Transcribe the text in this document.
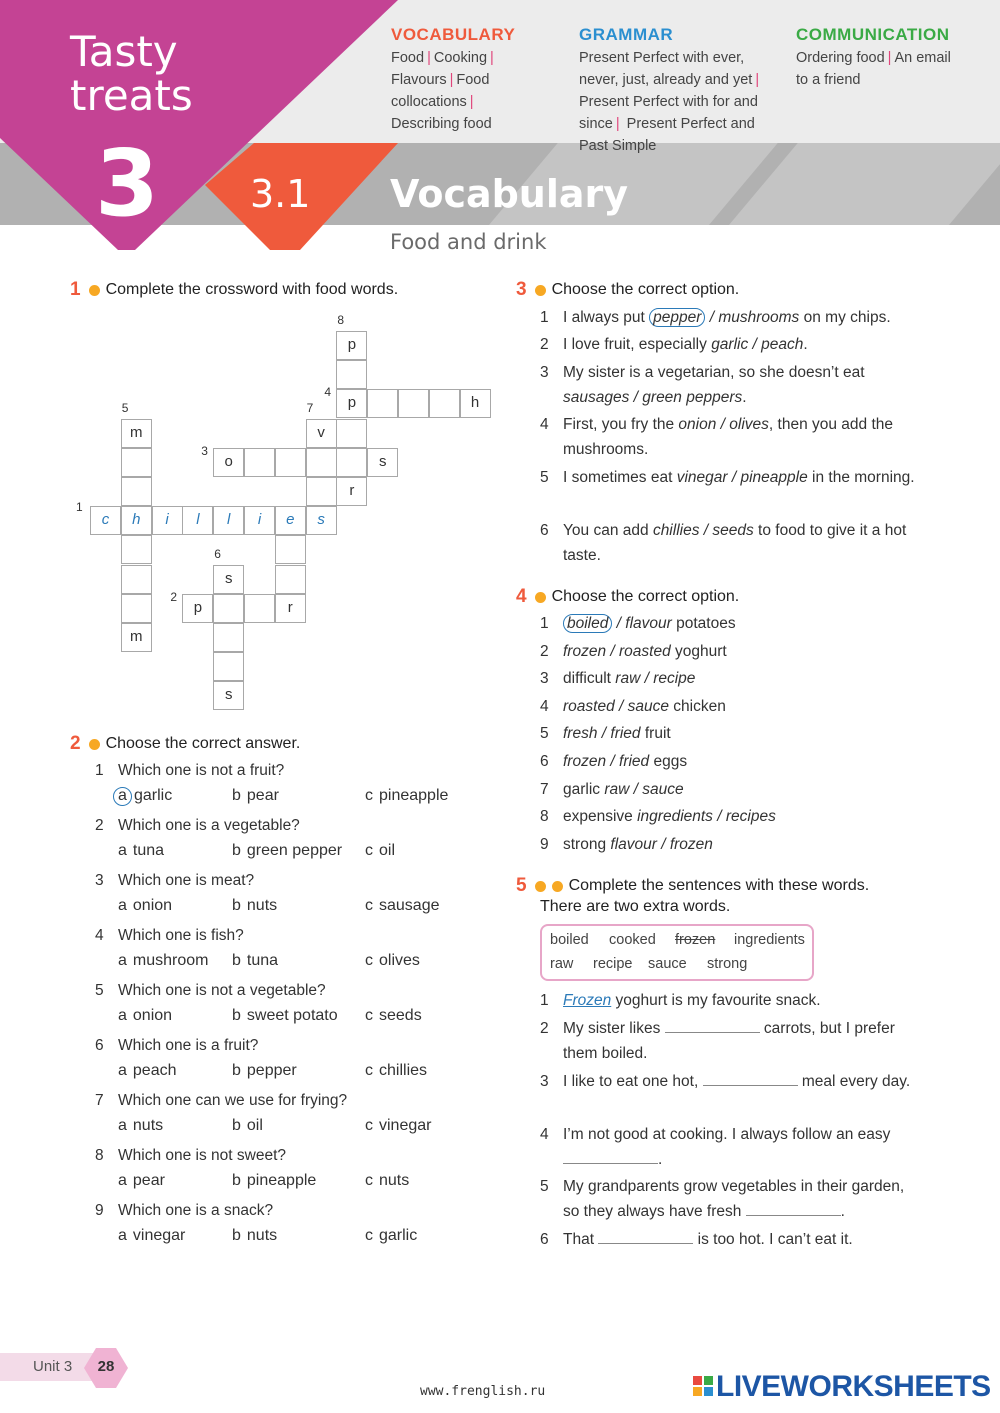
Tasty
treats
3 3.1 Vocabulary
Food and drink
VOCABULARY
Food | Cooking |
Flavours | Food collocations |
Describing food
GRAMMAR
Present Perfect with ever, never, just, already and yet | Present Perfect with for and since | Present Perfect and Past Simple
COMMUNICATION
Ordering food | An email to a friend
1 Complete the crossword with food words.
p
p	h
m	v
o	s
r
c	h	i	l	l	i	e	s
s
p	r
m
s
8
4
5	7
3
1
6
2
2 Choose the correct answer.
1 Which one is not a fruit?
a garlic	b pear	c pineapple
2 Which one is a vegetable?
a tuna	b green pepper c oil
3 Which one is meat?
a onion	b nuts	c sausage
4 Which one is fish?
a mushroom b tuna	c olives
5 Which one is not a vegetable?
a onion	b sweet potato c seeds
6 Which one is a fruit?
a peach	b pepper	c chillies
7 Which one can we use for frying?
a nuts	b oil	c vinegar
8 Which one is not sweet?
a pear	b pineapple	c nuts
9 Which one is a snack?
a vinegar	b nuts	c garlic
3 Choose the correct option.
1 I always put pepper / mushrooms on my chips.
2 I love fruit, especially garlic / peach.
3 My sister is a vegetarian, so she doesn’t eat sausages / green peppers.
4 First, you fry the onion / olives, then you add the mushrooms.
5 I sometimes eat vinegar / pineapple in the morning.
6 You can add chillies / seeds to food to give it a hot taste.
4 Choose the correct option.
1 boiled / flavour potatoes
2 frozen / roasted yoghurt
3 difficult raw / recipe
4 roasted / sauce chicken
5 fresh / fried fruit
6 frozen / fried eggs
7 garlic raw / sauce
8 expensive ingredients / recipes
9 strong flavour / frozen
5	Complete the sentences with these words.
There are two extra words.
boiled cooked frozen ingredients
raw recipe sauce strong
1 Frozen yoghurt is my favourite snack.
2 My sister likes	carrots, but I prefer them boiled.
3 I like to eat one hot,	meal every day.
4 I’m not good at cooking. I always follow an easy .
5 My grandparents grow vegetables in their garden, so they always have fresh	.
6 That	is too hot. I can’t eat it.
Unit 3	28
www.frenglish.ru	LIVEWORKSHEETS
